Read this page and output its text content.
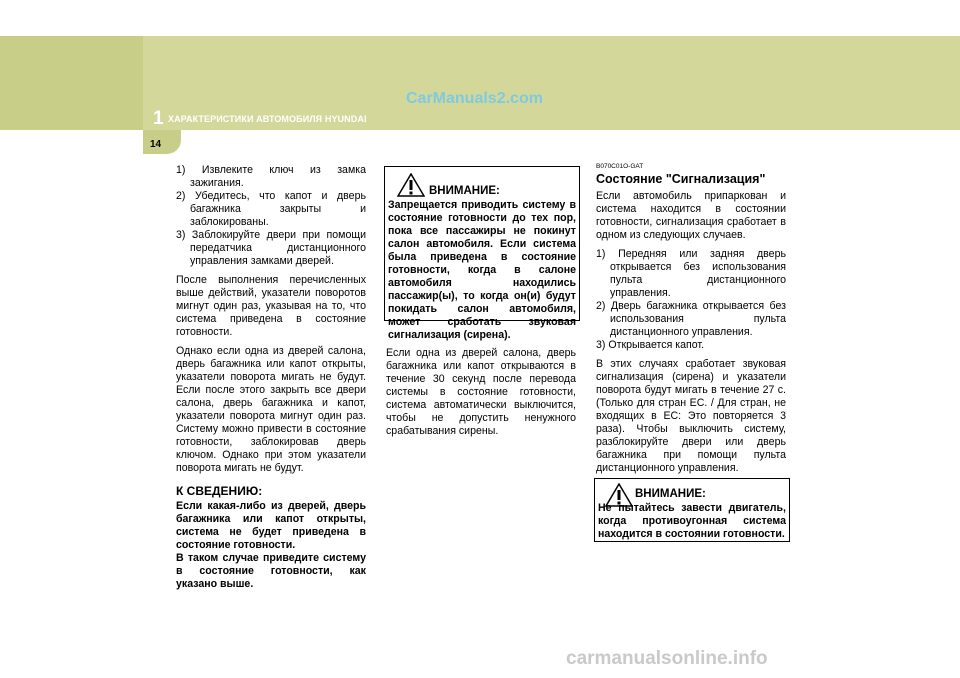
1 ХАРАКТЕРИСТИКИ АВТОМОБИЛЯ HYUNDAI
CarManuals2.com
14
1) Извлеките ключ из замка зажигания.
2) Убедитесь, что капот и дверь багажника закрыты и заблокированы.
3) Заблокируйте двери при помощи передатчика дистанционного управления замками дверей.

После выполнения перечисленных выше действий, указатели поворотов мигнут один раз, указывая на то, что система приведена в состояние готовности.

Однако если одна из дверей салона, дверь багажника или капот открыты, указатели поворота мигать не будут. Если после этого закрыть все двери салона, дверь багажника и капот, указатели поворота мигнут один раз. Систему можно привести в состояние готовности, заблокировав дверь ключом. Однако при этом указатели поворота мигать не будут.

К СВЕДЕНИЮ:

Если какая-либо из дверей, дверь багажника или капот открыты, система не будет приведена в состояние готовности.

В таком случае приведите систему в состояние готовности, как указано выше.

ВНИМАНИЕ:
Запрещается приводить систему в состояние готовности до тех пор, пока все пассажиры не покинут салон автомобиля. Если система была приведена в состояние готовности, когда в салоне автомобиля находились пассажир(ы), то когда он(и) будут покидать салон автомобиля, может сработать звуковая сигнализация (сирена).

Если одна из дверей салона, дверь багажника или капот открываются в течение 30 секунд после перевода системы в состояние готовности, система автоматически выключится, чтобы не допустить ненужного срабатывания сирены.

B070C01O-GAT

Состояние "Сигнализация"

Если автомобиль припаркован и система находится в состоянии готовности, сигнализация сработает в одном из следующих случаев.

1) Передняя или задняя дверь открывается без использования пульта дистанционного управления.
2) Дверь багажника открывается без использования пульта дистанционного управления.
3) Открывается капот.

В этих случаях сработает звуковая сигнализация (сирена) и указатели поворота будут мигать в течение 27 с. (Только для стран ЕС. / Для стран, не входящих в ЕС: Это повторяется 3 раза). Чтобы выключить систему, разблокируйте двери или дверь багажника при помощи пульта дистанционного управления.

ВНИМАНИЕ:
Не пытайтесь завести двигатель, когда противоугонная система находится в состоянии готовности.
carmanualsonline.info
